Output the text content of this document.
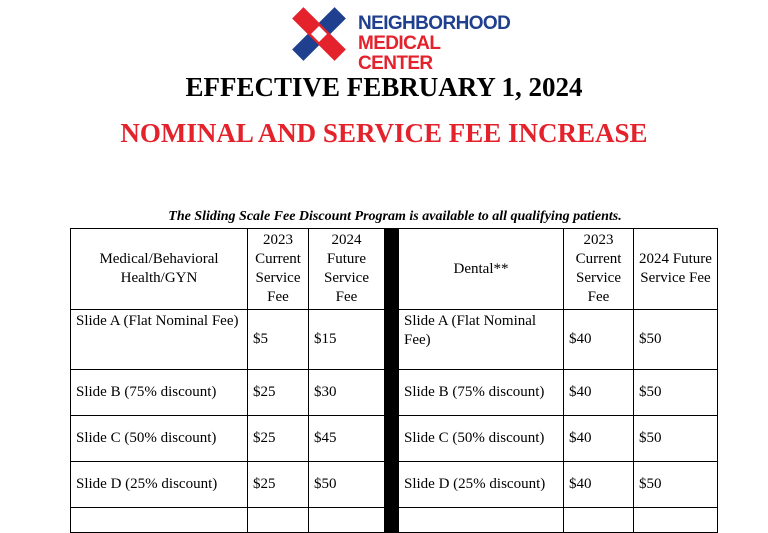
NEIGHBORHOOD
MEDICAL CENTER
EFFECTIVE FEBRUARY 1, 2024
NOMINAL AND SERVICE FEE INCREASE
The Sliding Scale Fee Discount Program is available to all qualifying patients.
Medical/Behavioral Health/GYN	2023 Current Service Fee	2024 Future Service Fee		Dental**	2023 Current Service Fee	2024 Future Service Fee
Slide A (Flat Nominal Fee)	$5	$15		Slide A (Flat Nominal Fee)	$40	$50
Slide B (75% discount)	$25	$30		Slide B (75% discount)	$40	$50
Slide C (50% discount)	$25	$45		Slide C (50% discount)	$40	$50
Slide D (25% discount)	$25	$50		Slide D (25% discount)	$40	$50
